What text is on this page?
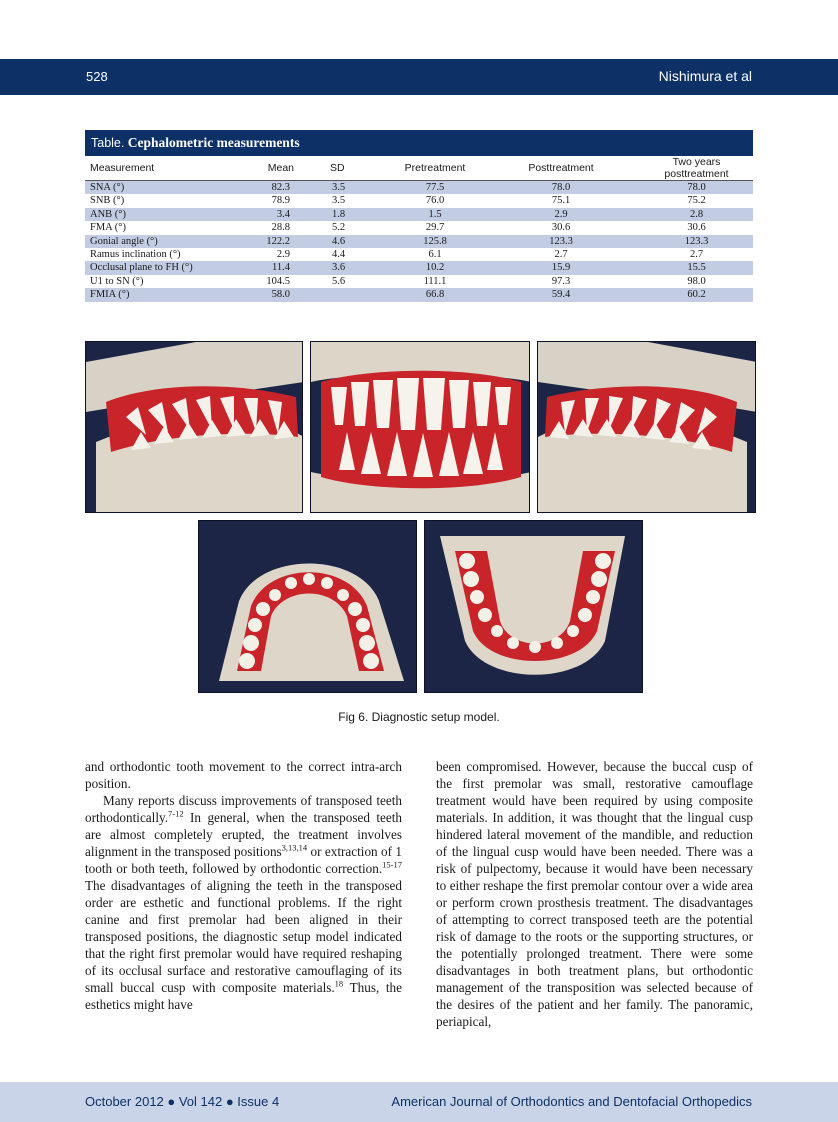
528	Nishimura et al
Table. Cephalometric measurements
Measurement	Mean	SD	Pretreatment	Posttreatment	Two years posttreatment
SNA (°)	82.3	3.5	77.5	78.0	78.0
SNB (°)	78.9	3.5	76.0	75.1	75.2
ANB (°)	3.4	1.8	1.5	2.9	2.8
FMA (°)	28.8	5.2	29.7	30.6	30.6
Gonial angle (°)	122.2	4.6	125.8	123.3	123.3
Ramus inclination (°)	2.9	4.4	6.1	2.7	2.7
Occlusal plane to FH (°)	11.4	3.6	10.2	15.9	15.5
U1 to SN (°)	104.5	5.6	111.1	97.3	98.0
FMIA (°)	58.0		66.8	59.4	60.2
Fig 6. Diagnostic setup model.

and orthodontic tooth movement to the correct intra-arch position.

Many reports discuss improvements of transposed teeth orthodontically.$^{7-12}$ In general, when the transposed teeth are almost completely erupted, the treatment involves alignment in the transposed positions$^{3,13,14}$ or extraction of 1 tooth or both teeth, followed by orthodontic correction.$^{15-17}$ The disadvantages of aligning the teeth in the transposed order are esthetic and functional problems. If the right canine and first premolar had been aligned in their transposed positions, the diagnostic setup model indicated that the right first premolar would have required reshaping of its occlusal surface and restorative camouflaging of its small buccal cusp with composite materials.$^{18}$ Thus, the esthetics might have

been compromised. However, because the buccal cusp of the first premolar was small, restorative camouflage treatment would have been required by using composite materials. In addition, it was thought that the lingual cusp hindered lateral movement of the mandible, and reduction of the lingual cusp would have been needed. There was a risk of pulpectomy, because it would have been necessary to either reshape the first premolar contour over a wide area or perform crown prosthesis treatment. The disadvantages of attempting to correct transposed teeth are the potential risk of damage to the roots or the supporting structures, or the potentially prolonged treatment. There were some disadvantages in both treatment plans, but orthodontic management of the transposition was selected because of the desires of the patient and her family. The panoramic, periapical,

October 2012 ● Vol 142 ● Issue 4	American Journal of Orthodontics and Dentofacial Orthopedics
